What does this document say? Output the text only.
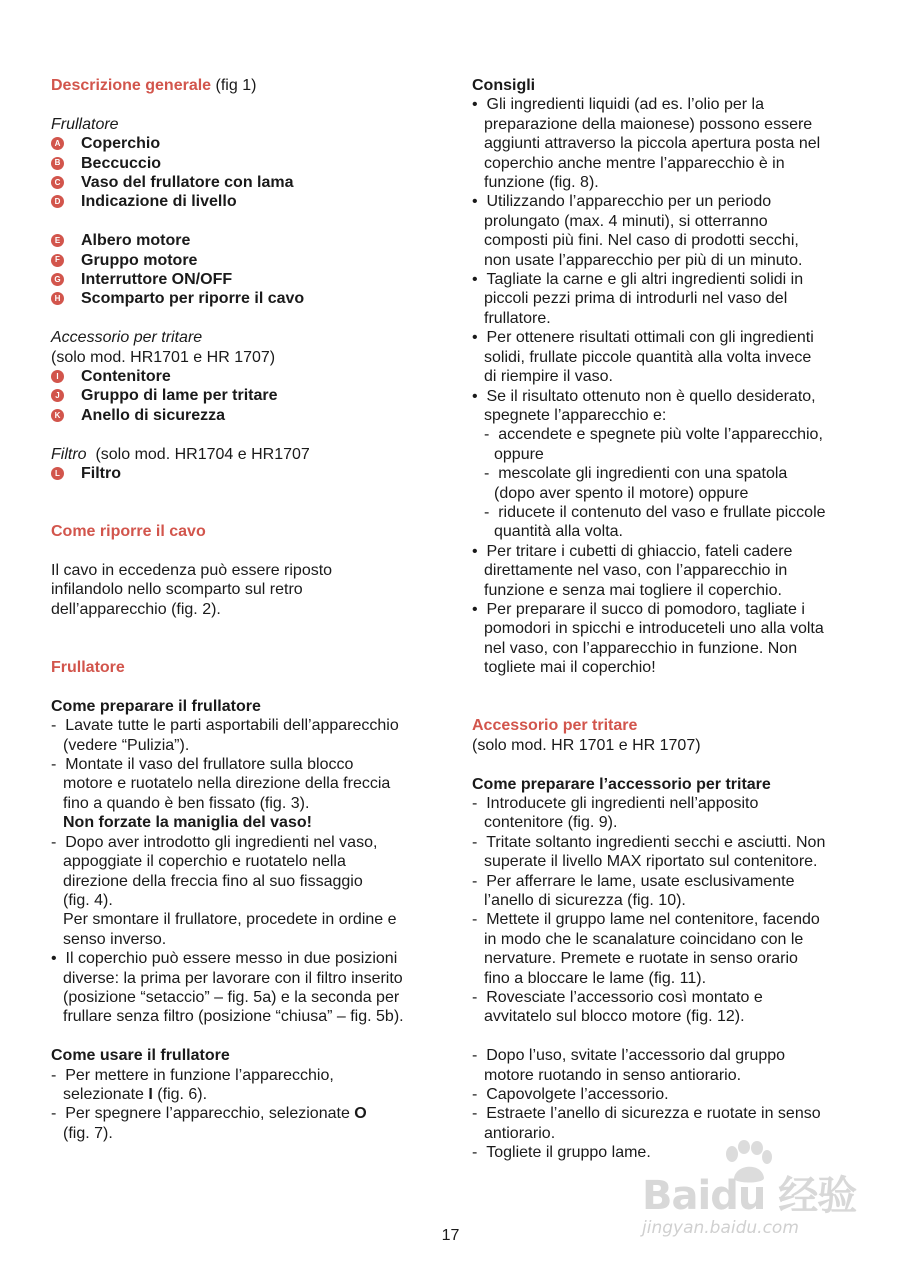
Descrizione generale (fig 1)
Frullatore
A Coperchio
B Beccuccio
C Vaso del frullatore con lama
D Indicazione di livello
E Albero motore
F Gruppo motore
G Interruttore ON/OFF
H Scomparto per riporre il cavo
Accessorio per tritare
(solo mod. HR1701 e HR 1707)
I	Contenitore
J Gruppo di lame per tritare
K Anello di sicurezza
Filtro (solo mod. HR1704 e HR1707
L Filtro
Come riporre il cavo
Il cavo in eccedenza può essere riposto
infilandolo nello scomparto sul retro
dell’apparecchio (fig. 2).
Frullatore
Come preparare il frullatore
- Lavate tutte le parti asportabili dell’apparecchio
(vedere “Pulizia”).
- Montate il vaso del frullatore sulla blocco
motore e ruotatelo nella direzione della freccia
fino a quando è ben fissato (fig. 3).
Non forzate la maniglia del vaso!
- Dopo aver introdotto gli ingredienti nel vaso,
appoggiate il coperchio e ruotatelo nella
direzione della freccia fino al suo fissaggio
(fig. 4).
Per smontare il frullatore, procedete in ordine e
senso inverso.
• Il coperchio può essere messo in due posizioni
diverse: la prima per lavorare con il filtro inserito
(posizione “setaccio” – fig. 5a) e la seconda per
frullare senza filtro (posizione “chiusa” – fig. 5b).
Come usare il frullatore
-  Per mettere in funzione l’apparecchio,
selezionate I (fig. 6).
-  Per spegnere l’apparecchio, selezionate O
(fig. 7).
Consigli
• Gli ingredienti liquidi (ad es. l’olio per la
preparazione della maionese) possono essere
aggiunti attraverso la piccola apertura posta nel
coperchio anche mentre l’apparecchio è in
funzione (fig. 8).
• Utilizzando l’apparecchio per un periodo
prolungato (max. 4 minuti), si otterranno
composti più fini. Nel caso di prodotti secchi,
non usate l’apparecchio per più di un minuto.
• Tagliate la carne e gli altri ingredienti solidi in
piccoli pezzi prima di introdurli nel vaso del
frullatore.
• Per ottenere risultati ottimali con gli ingredienti
solidi, frullate piccole quantità alla volta invece
di riempire il vaso.
• Se il risultato ottenuto non è quello desiderato,
spegnete l’apparecchio e:
- accendete e spegnete più volte l’apparecchio,
oppure
- mescolate gli ingredienti con una spatola
(dopo aver spento il motore) oppure
- riducete il contenuto del vaso e frullate piccole
quantità alla volta.
• Per tritare i cubetti di ghiaccio, fateli cadere
direttamente nel vaso, con l’apparecchio in
funzione e senza mai togliere il coperchio.
• Per preparare il succo di pomodoro, tagliate i
pomodori in spicchi e introduceteli uno alla volta
nel vaso, con l’apparecchio in funzione. Non
togliete mai il coperchio!
Accessorio per tritare
(solo mod. HR 1701 e HR 1707)
Come preparare l’accessorio per tritare
- Introducete gli ingredienti nell’apposito
contenitore (fig. 9).
- Tritate soltanto ingredienti secchi e asciutti. Non
superate il livello MAX riportato sul contenitore.
- Per afferrare le lame, usate esclusivamente
l’anello di sicurezza (fig. 10).
- Mettete il gruppo lame nel contenitore, facendo
in modo che le scanalature coincidano con le
nervature. Premete e ruotate in senso orario
fino a bloccare le lame (fig. 11).
- Rovesciate l’accessorio così montato e
avvitatelo sul blocco motore (fig. 12).
- Dopo l’uso, svitate l’accessorio dal gruppo
motore ruotando in senso antiorario.
- Capovolgete l’accessorio.
- Estraete l’anello di sicurezza e ruotate in senso
antiorario.
- Togliete il gruppo lame.
17
Baidu 经验
jingyan.baidu.com
